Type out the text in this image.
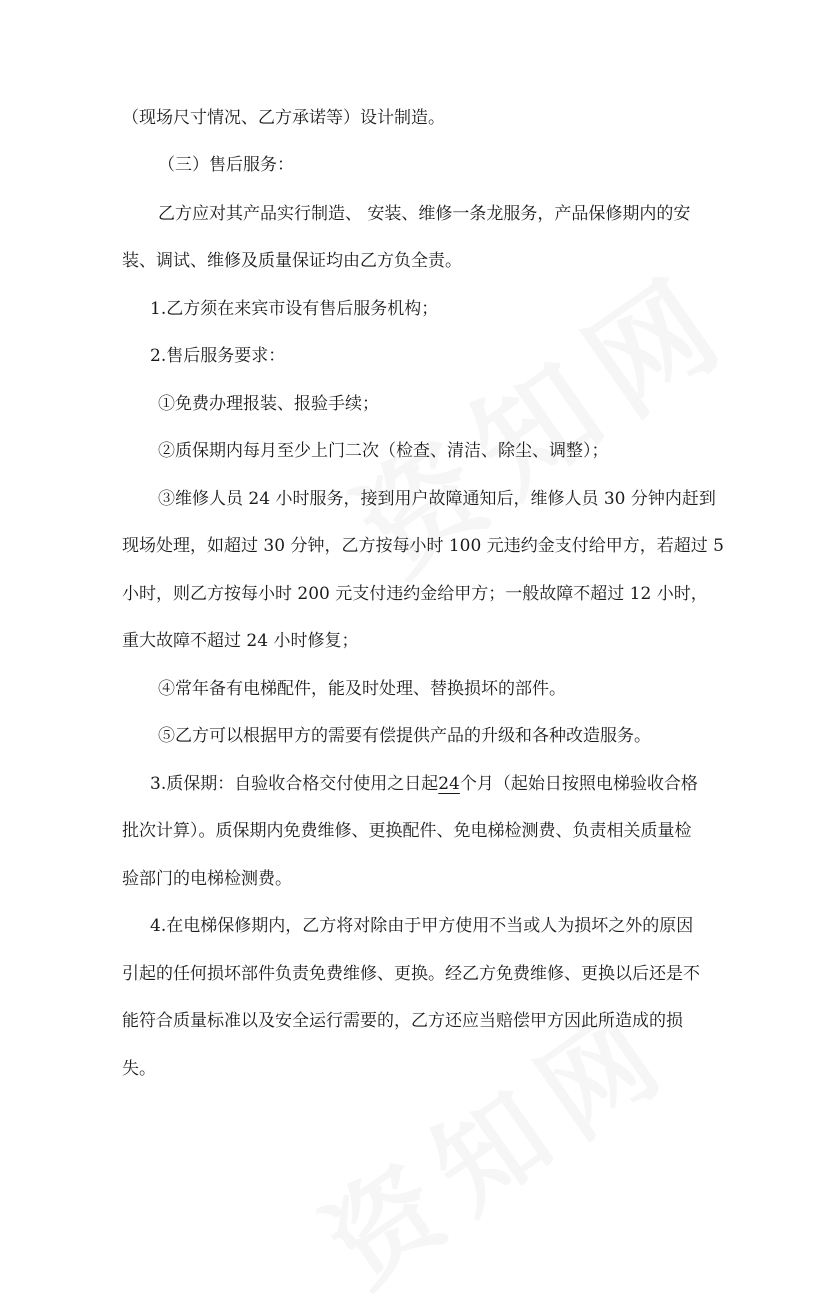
（现场尺寸情况、乙方承诺等）设计制造。
（三）售后服务：
乙方应对其产品实行制造、 安装、维修一条龙服务，产品保修期内的安
装、调试、维修及质量保证均由乙方负全责。
1.乙方须在来宾市设有售后服务机构；
2.售后服务要求：
①免费办理报装、报验手续；
②质保期内每月至少上门二次（检查、清洁、除尘、调整）；
③维修人员 24 小时服务，接到用户故障通知后，维修人员 30 分钟内赶到
现场处理，如超过 30 分钟，乙方按每小时 100 元违约金支付给甲方，若超过 5
小时，则乙方按每小时 200 元支付违约金给甲方；一般故障不超过 12 小时，
重大故障不超过 24 小时修复；
④常年备有电梯配件，能及时处理、替换损坏的部件。
⑤乙方可以根据甲方的需要有偿提供产品的升级和各种改造服务。
3.质保期：自验收合格交付使用之日起24个月（起始日按照电梯验收合格
批次计算）。质保期内免费维修、更换配件、免电梯检测费、负责相关质量检
验部门的电梯检测费。
4.在电梯保修期内，乙方将对除由于甲方使用不当或人为损坏之外的原因
引起的任何损坏部件负责免费维修、更换。经乙方免费维修、更换以后还是不
能符合质量标准以及安全运行需要的，乙方还应当赔偿甲方因此所造成的损
失。
